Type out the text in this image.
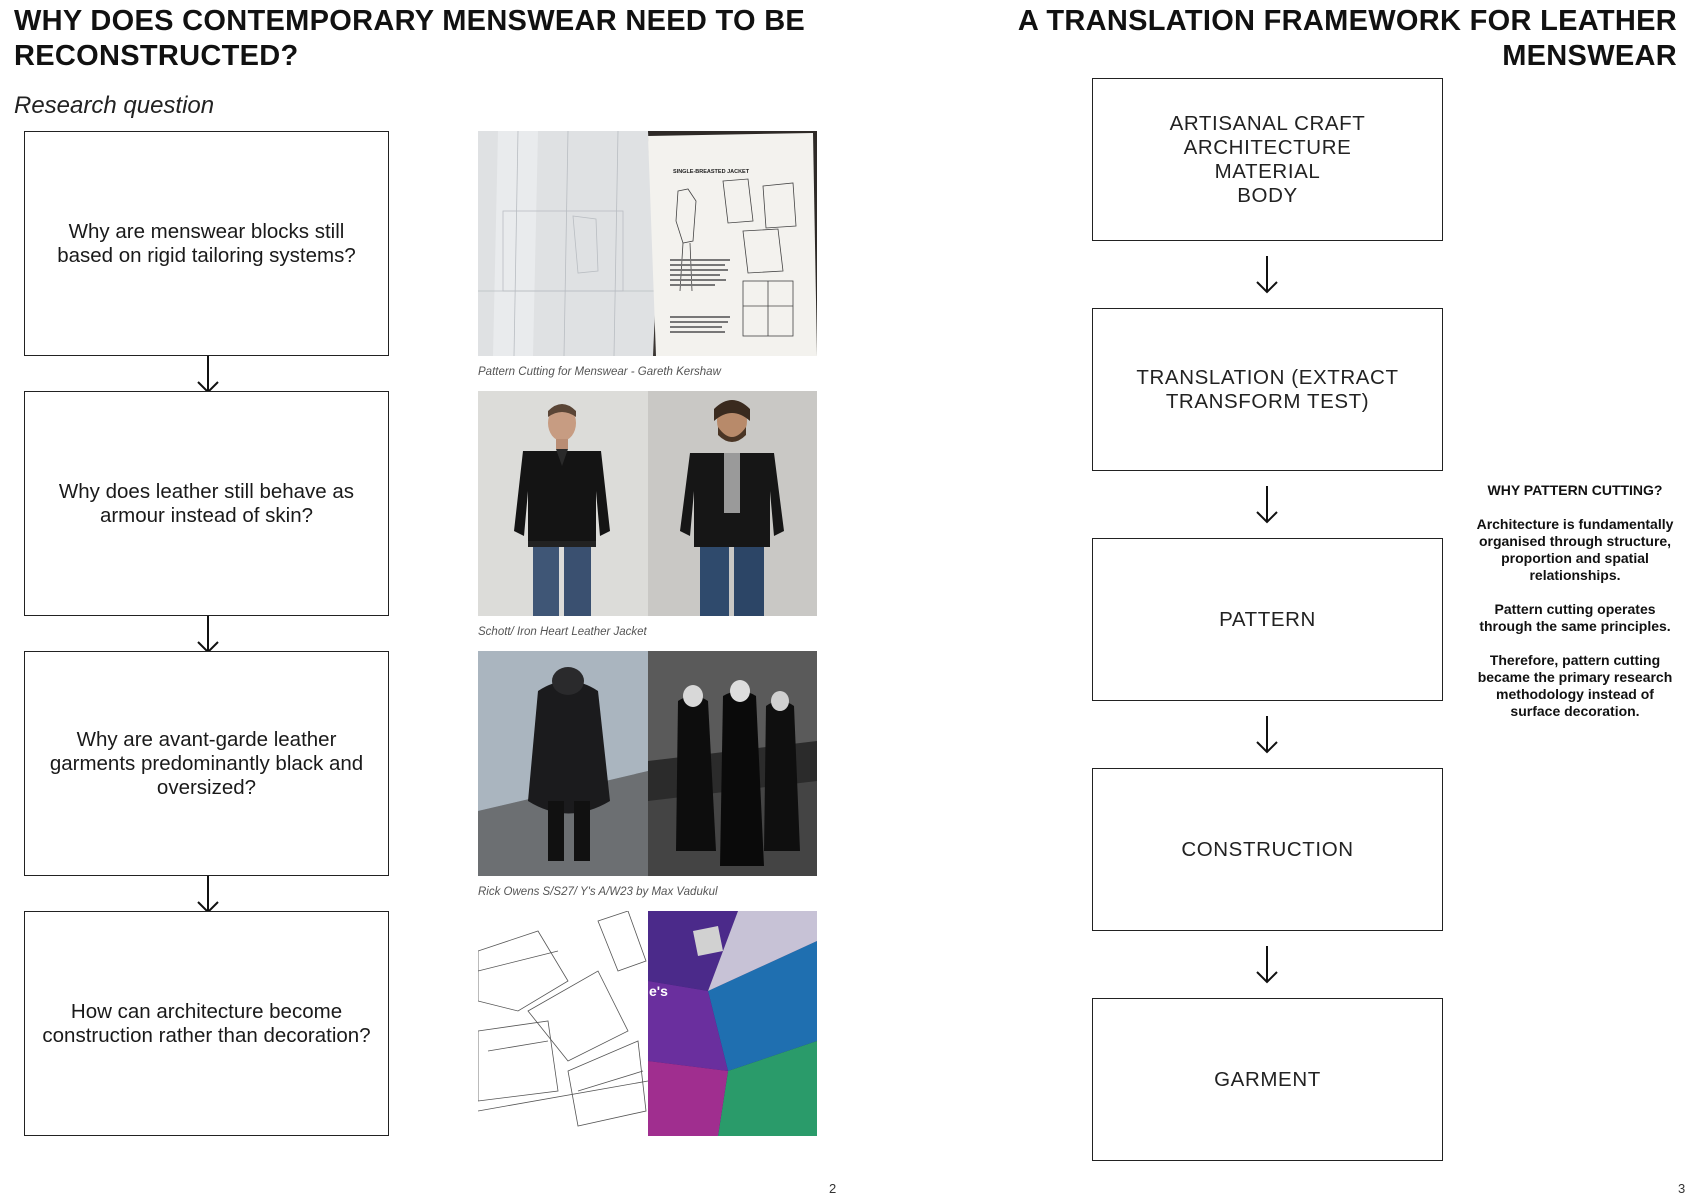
WHY DOES CONTEMPORARY MENSWEAR NEED TO BE RECONSTRUCTED?
Research question
Why are menswear blocks still based on rigid tailoring systems?
Why does leather still behave as armour instead of skin?
Why are avant-garde leather garments predominantly black and oversized?
How can architecture become construction rather than decoration?
SINGLE-BREASTED JACKET
Pattern Cutting for Menswear - Gareth Kershaw
Schott/ Iron Heart Leather Jacket
Rick Owens S/S27/ Y's A/W23 by Max Vadukul
e's
2
A TRANSLATION FRAMEWORK FOR LEATHER MENSWEAR
ARTISANAL CRAFT
ARCHITECTURE
MATERIAL
BODY
TRANSLATION (EXTRACT
TRANSFORM TEST)
PATTERN
CONSTRUCTION
GARMENT

WHY PATTERN CUTTING?

Architecture is fundamentally organised through structure, proportion and spatial relationships.

Pattern cutting operates through the same principles.

Therefore, pattern cutting became the primary research methodology instead of surface decoration.

3
